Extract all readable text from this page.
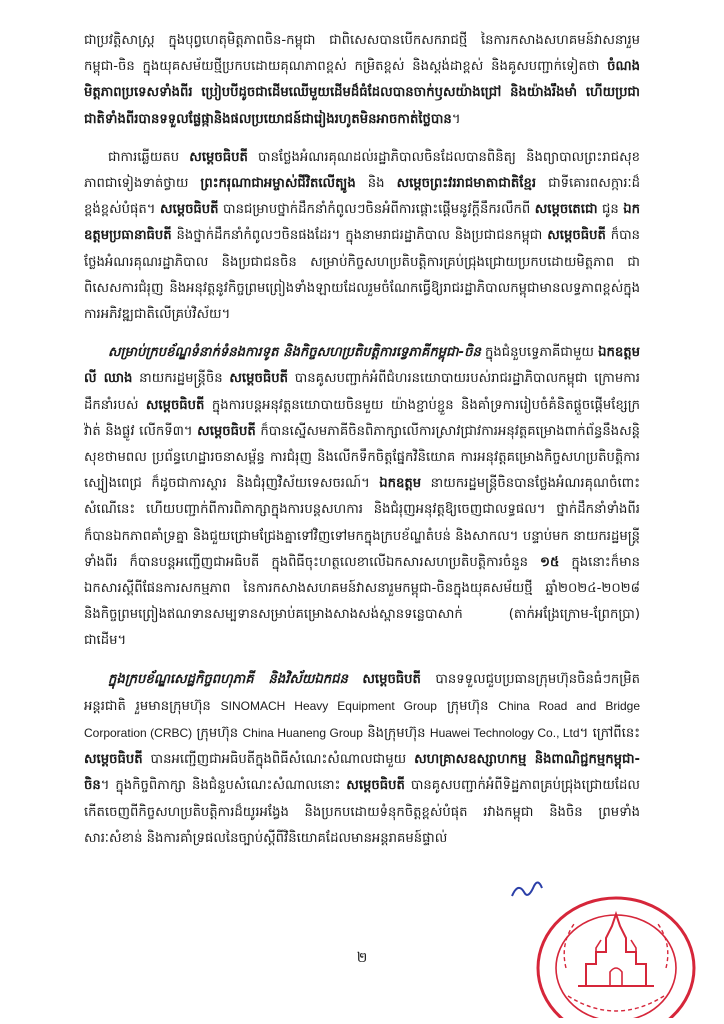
ជាប្រវត្តិសាស្ត្រ ក្នុងបុព្វហេតុមិត្តភាពចិន-កម្ពុជា ជាពិសេសបានបើកសករាជថ្មី នៃការកសាងសហគមន៍វាសនារួមកម្ពុជា-ចិន ក្នុងយុគសម័យថ្មីប្រកបដោយគុណភាពខ្ពស់ កម្រិតខ្ពស់ និងស្តង់ដាខ្ពស់ និងគូសបញ្ជាក់ទៀតថា ចំណងមិត្តភាពប្រទេសទាំងពីរ ប្រៀបបីដូចជាដើមឈើមួយដើមដ៏ធំដែលបានចាក់ឫសយ៉ាងជ្រៅ និងយ៉ាងរឹងមាំ ហើយប្រជាជាតិទាំងពីរបានទទួលផ្លែផ្កានិងផលប្រយោជន៍ជារៀងរហូតមិនអាចកាត់ថ្លៃបាន។

ជាការឆ្លើយតប សម្តេចធិបតី បានថ្លែងអំណរគុណដល់រដ្ឋាភិបាលចិនដែលបានពិនិត្យ និងព្យាបាលព្រះរាជសុខភាពជាទៀងទាត់ថ្វាយ ព្រះករុណាជាអម្ចាស់ជីវិតលើត្បូង និង សម្តេចព្រះវររាជមាតាជាតិខ្មែរ ជាទីគោរពសក្ការៈដ៏ខ្ពង់ខ្ពស់បំផុត។ សម្តេចធិបតី បានជម្រាបថ្នាក់ដឹកនាំកំពូលៗចិនអំពីការផ្តោះផ្តើមនូវក្តីនឹករលឹកពី សម្តេចតេជោ ជូន ឯកឧត្តមប្រធានាធិបតី និងថ្នាក់ដឹកនាំកំពូលៗចិនផងដែរ។ ក្នុងនាមរាជរដ្ឋាភិបាល និងប្រជាជនកម្ពុជា សម្តេចធិបតី ក៏បានថ្លែងអំណរគុណរដ្ឋាភិបាល និងប្រជាជនចិន សម្រាប់កិច្ចសហប្រតិបត្តិការគ្រប់ជ្រុងជ្រោយប្រកបដោយមិត្តភាព ជាពិសេសការជំរុញ និងអនុវត្តនូវកិច្ចព្រមព្រៀងទាំងឡាយដែលរួមចំណែកធ្វើឱ្យរាជរដ្ឋាភិបាលកម្ពុជាមានលទ្ធភាពខ្ពស់ក្នុងការអភិវឌ្ឍជាតិលើគ្រប់វិស័យ។

សម្រាប់ក្របខ័ណ្ឌទំនាក់ទំនងការទូត និងកិច្ចសហប្រតិបត្តិការទ្វេភាគីកម្ពុជា-ចិន ក្នុងជំនួបទ្វេភាគីជាមួយ ឯកឧត្តម លី ឈាង នាយករដ្ឋមន្ត្រីចិន សម្តេចធិបតី បានគូសបញ្ជាក់អំពីជំហរនយោបាយរបស់រាជរដ្ឋាភិបាលកម្ពុជា ក្រោមការដឹកនាំរបស់ សម្តេចធិបតី ក្នុងការបន្តអនុវត្តនយោបាយចិនមួយ យ៉ាងខ្ជាប់ខ្ជួន និងគាំទ្រការរៀបចំគំនិតផ្តួចផ្តើមខ្សែក្រវ៉ាត់ និងផ្លូវ លើកទី៣។ សម្តេចធិបតី ក៏បានស្នើសមភាគីចិនពិភាក្សាលើការស្រាវជ្រាវការអនុវត្តគម្រោងពាក់ព័ន្ធនឹងសន្តិសុខថាមពល ប្រព័ន្ធហេដ្ឋារចនាសម្ព័ន្ធ ការជំរុញ និងលើកទឹកចិត្តផ្នែកវិនិយោគ ការអនុវត្តគម្រោងកិច្ចសហប្រតិបត្តិការស្បៀងពេជ្រ ក៏ដូចជាការស្តារ និងជំរុញវិស័យទេសចរណ៍។ ឯកឧត្តម នាយករដ្ឋមន្ត្រីចិនបានថ្លែងអំណរគុណចំពោះសំណើនេះ ហើយបញ្ជាក់ពីការពិភាក្សាក្នុងការបន្តសហការ និងជំរុញអនុវត្តឱ្យចេញជាលទ្ធផល។ ថ្នាក់ដឹកនាំទាំងពីរ ក៏បានឯកភាពគាំទ្រគ្នា និងជួយជ្រោមជ្រែងគ្នាទៅវិញទៅមកក្នុងក្របខ័ណ្ឌតំបន់ និងសាកល។ បន្ទាប់មក នាយករដ្ឋមន្ត្រីទាំងពីរ ក៏បានបន្តអញ្ជើញជាអធិបតី ក្នុងពិធីចុះហត្ថលេខាលើឯកសារសហប្រតិបត្តិការចំនួន ១៥ ក្នុងនោះក៏មានឯកសារស្តីពីផែនការសកម្មភាព នៃការកសាងសហគមន៍វាសនារួមកម្ពុជា-ចិនក្នុងយុគសម័យថ្មី ឆ្នាំ២០២៤-២០២៨ និងកិច្ចព្រមព្រៀងឥណទានសម្បទានសម្រាប់គម្រោងសាងសង់ស្ពានទន្លេបាសាក់ (តាក់អង្រែក្រោម-ព្រែកប្រា) ជាដើម។

ក្នុងក្របខ័ណ្ឌសេដ្ឋកិច្ចពហុភាគី និងវិស័យឯកជន សម្តេចធិបតី បានទទួលជួបប្រធានក្រុមហ៊ុនចិនធំៗកម្រិតអន្តរជាតិ រួមមានក្រុមហ៊ុន SINOMACH Heavy Equipment Group ក្រុមហ៊ុន China Road and Bridge Corporation (CRBC) ក្រុមហ៊ុន China Huaneng Group និងក្រុមហ៊ុន Huawei Technology Co., Ltd។ ក្រៅពីនេះ សម្តេចធិបតី បានអញ្ជើញជាអធិបតីក្នុងពិធីសំណេះសំណាលជាមួយ សហគ្រាសឧស្សាហកម្ម និងពាណិជ្ជកម្មកម្ពុជា-ចិន។ ក្នុងកិច្ចពិភាក្សា និងជំនួបសំណេះសំណាលនោះ សម្តេចធិបតី បានគូសបញ្ជាក់អំពីទិដ្ឋភាពគ្រប់ជ្រុងជ្រោយដែលកើតចេញពីកិច្ចសហប្រតិបត្តិការដ៏យូរអង្វែង និងប្រកបដោយទំនុកចិត្តខ្ពស់បំផុត រវាងកម្ពុជា និងចិន ព្រមទាំងសារៈសំខាន់ និងការគាំទ្រផលនៃច្បាប់ស្តីពីវិនិយោគដែលមានអន្តរាគមន៍ផ្ទាល់

២
